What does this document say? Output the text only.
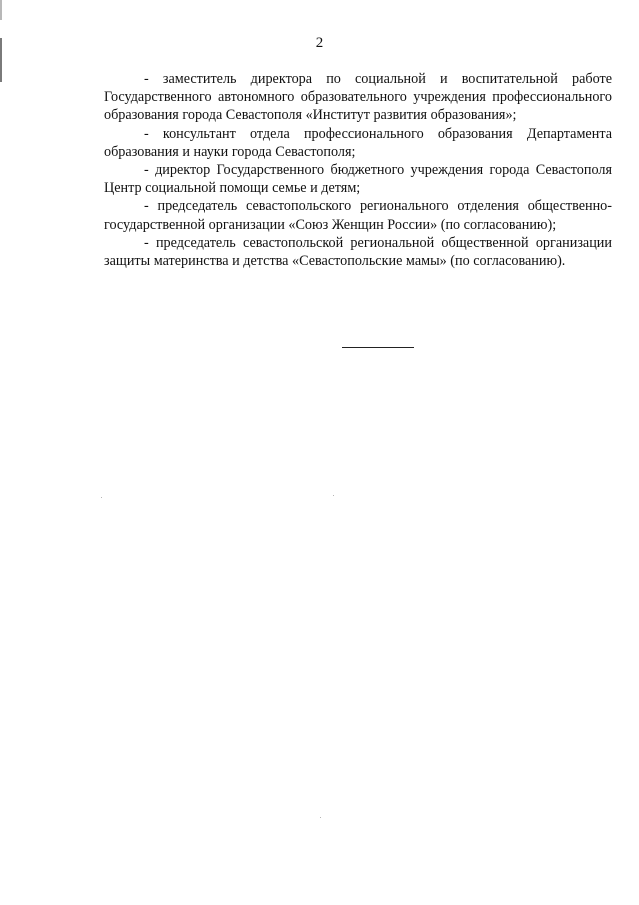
2

- заместитель директора по социальной и воспитательной работе Государственного автономного образовательного учреждения профессионального образования города Севастополя «Институт развития образования»;

- консультант отдела профессионального образования Департамента образования и науки города Севастополя;

- директор Государственного бюджетного учреждения города Севастополя Центр социальной помощи семье и детям;

- председатель севастопольского регионального отделения общественно-государственной организации «Союз Женщин России» (по согласованию);

- председатель севастопольской региональной общественной организации защиты материнства и детства «Севастопольские мамы» (по согласованию).
